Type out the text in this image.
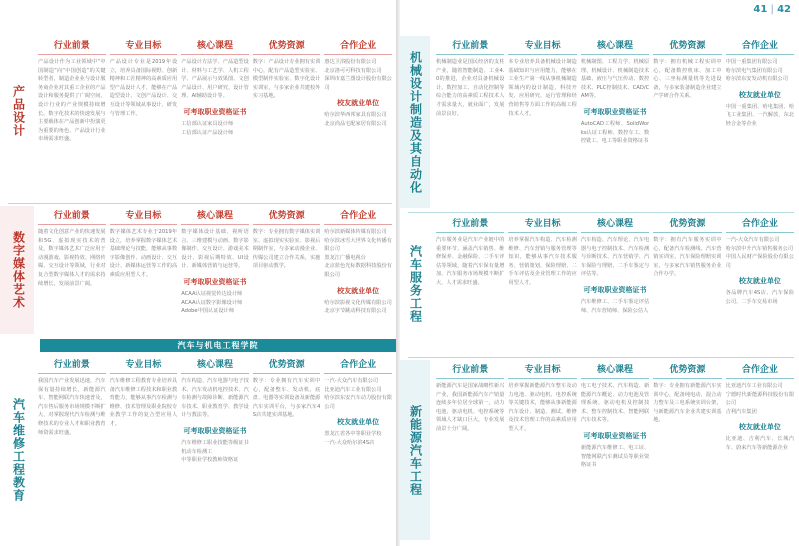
产品设计
行业前景
产品设计作为工业领域中“中国制造”向“中国创造”的关键转型者，制造企业业与设计服务商企业对其重工企业的产品设计和服务提供了广阔空间，设计行业的产业规模持续增长。数字化技术的快速发展与主要载体在产品创新中扮演更为重要的角色，产品设计行业市场需求旺盛。
专业目标
产品设计专业是2019年设立，培养具备国际视野、创新精神和工匠精神的高素质应用型产品设计人才，能够在产品造型设计、文创产品设计、交互设计等领域从事设计、研发与管理工作。
核心课程
产品设计方法学、产品造型设计、材料与工艺学、人机工程学、产品展示与效果图、文创产品设计、用户研究、设计管理、AI辅助设计等。
可考取职业资格证书
工信部认证家具设计师
工信部认证产品设计师
优势资源
数字：产品设计专业拥有实训中心，配有产品造型实验室、模型制作实验室、数字化设计实训室，与多家企业共建校外实习基地。
合作企业
惠达卫浴股份有限公司
北京洛可可科技有限公司
深圳市嘉兰图设计股份有限公司
校友就业单位
哈尔滨华西邦家具有限公司
北京尚品宅配家居有限公司
数字媒体艺术
行业前景
随着文化创意产业的快速发展和5G、虚拟现实技术的普及，数字媒体艺术广泛应用于动漫游戏、影视特效、网络传媒、交互设计等领域，行业对复合型数字媒体人才的需求持续增长，发展前景广阔。
专业目标
数字媒体艺术专业于2019年设立，培养掌握数字媒体艺术基础理论与技能，能够从事数字影像创作、动画设计、交互设计、新媒体运营等工作的高素质应用型人才。
核心课程
数字媒体设计基础、视听语言、三维建模与动画、数字影像制作、交互设计、游戏美术设计、影视后期特效、UI设计、新媒体营销与运营等。
可考取职业资格证书
ACAA认证视觉传达设计师
ACAA认证数字影像设计师
Adobe中国认证设计师
优势资源
数字：专业拥有数字媒体实训室、虚拟现实实验室、影视后期制作室，与多家动漫企业、传媒公司建立合作关系，实施项目驱动教学。
合作企业
哈尔滨新媒体传媒有限公司
哈尔滨冰雪大世界文化传播有限公司
黑龙江广播电视台
北京蓝色光标数据科技股份有限公司
校友就业单位
哈尔滨影视文化传媒有限公司
北京字节跳动科技有限公司
汽车与机电工程学院
汽车维修工程教育
行业前景
我国汽车产业发展迅速，汽车保有量持续增长，新能源汽车、智能网联汽车快速普及，汽车售后服务市场规模不断扩大，对掌握现代汽车检测与维修技术的专业人才和职业教育师资需求旺盛。
专业目标
汽车维修工程教育专业培养具备汽车维修工程技术和职业教育能力，能够从事汽车检测与维修、技术管理及职业院校专业教学工作的复合型应用人才。
核心课程
汽车构造、汽车电器与电子技术、汽车发动机电控技术、汽车检测与故障诊断、新能源汽车技术、职业教育学、教学设计与教法等。
可考取职业资格证书
汽车维修工职业技能等级证书
机动车检测工
中等职业学校教师资格证
优势资源
数字：专业拥有汽车实训中心，配备整车、发动机、底盘、电器等实训设备及新能源汽车实训平台，与多家汽车4S店共建实训基地。
合作企业
一汽-大众汽车有限公司
比亚迪汽车工业有限公司
哈尔滨东安汽车动力股份有限公司
校友就业单位
黑龙江省各中等职业学校
一汽-大众哈尔滨4S店
41 | 42
机械设计制造及其自动化
行业前景
机械制造业是国民经济的支柱产业，随着智能制造、工业4.0的推进，企业对具备机械设计、数控加工、自动化控制等综合能力的高素质工程技术人才需求量大，就业面广，发展前景良好。
专业目标
本专业培养具备机械设计制造基础知识与应用能力，能够在工业生产第一线从事机械制造领域内的设计制造、科技开发、应用研究、运行管理和经营销售等方面工作的高级工程技术人才。
核心课程
机械制图、工程力学、机械原理、机械设计、机械制造技术基础、液压与气压传动、数控技术、PLC控制技术、CAD/CAM等。
可考取职业资格证书
AutoCAD工程师、SolidWorks认证工程师、数控车工、数控铣工、电工等职业资格证书
优势资源
数字：拥有机械工程实训中心，配备数控机床、加工中心、三坐标测量机等先进设备，与多家装备制造企业建立产学研合作关系。
合作企业
中国一重集团有限公司
哈尔滨电气集团有限公司
哈尔滨东安发动机有限公司
校友就业单位
中国一重集团、哈电集团、哈飞工业集团、一汽解放、东北轻合金等企业
汽车服务工程
行业前景
汽车服务业是汽车产业链中的重要环节，涵盖汽车销售、维修保养、金融保险、二手车评估等领域，随着汽车保有量增加，汽车服务市场规模不断扩大，人才需求旺盛。
专业目标
培养掌握汽车构造、汽车检测维修、汽车营销与服务管理等知识，能够从事汽车技术服务、营销策划、保险理赔、二手车评估及企业管理工作的应用型人才。
核心课程
汽车构造、汽车理论、汽车电器与电子控制技术、汽车检测与诊断技术、汽车营销学、汽车保险与理赔、二手车鉴定与评估等。
可考取职业资格证书
汽车维修工、二手车鉴定评估师、汽车营销师、保险公估人
优势资源
数字：拥有汽车服务实训中心，配备汽车检测线、汽车营销实训室、汽车保险理赔实训室，与多家汽车销售服务企业合作办学。
合作企业
一汽-大众汽车有限公司
哈尔滨中升汽车销售服务公司
中国人民财产保险股份有限公司
校友就业单位
各品牌汽车4S店、汽车保险公司、二手车交易市场
新能源汽车工程
行业前景
新能源汽车是国家战略性新兴产业，我国新能源汽车产销量连续多年位居全球第一，动力电池、驱动电机、电控系统等领域人才缺口巨大，专业发展前景十分广阔。
专业目标
培养掌握新能源汽车整车及动力电池、驱动电机、电控系统等关键技术，能够从事新能源汽车设计、制造、测试、维修及技术管理工作的高素质应用型人才。
核心课程
电工电子技术、汽车构造、新能源汽车概论、动力电池及管理系统、驱动电机及控制技术、整车控制技术、智能网联汽车技术等。
可考取职业资格证书
新能源汽车维修工、电工证、智能网联汽车测试员等职业资格证书
优势资源
数字：专业拥有新能源汽车实训中心，配备纯电动、混合动力整车及三电系统实训台架，与新能源汽车企业共建实训基地。
合作企业
比亚迪汽车工业有限公司
宁德时代新能源科技股份有限公司
吉利汽车集团
校友就业单位
比亚迪、吉利汽车、长城汽车、蔚来汽车等新能源企业
